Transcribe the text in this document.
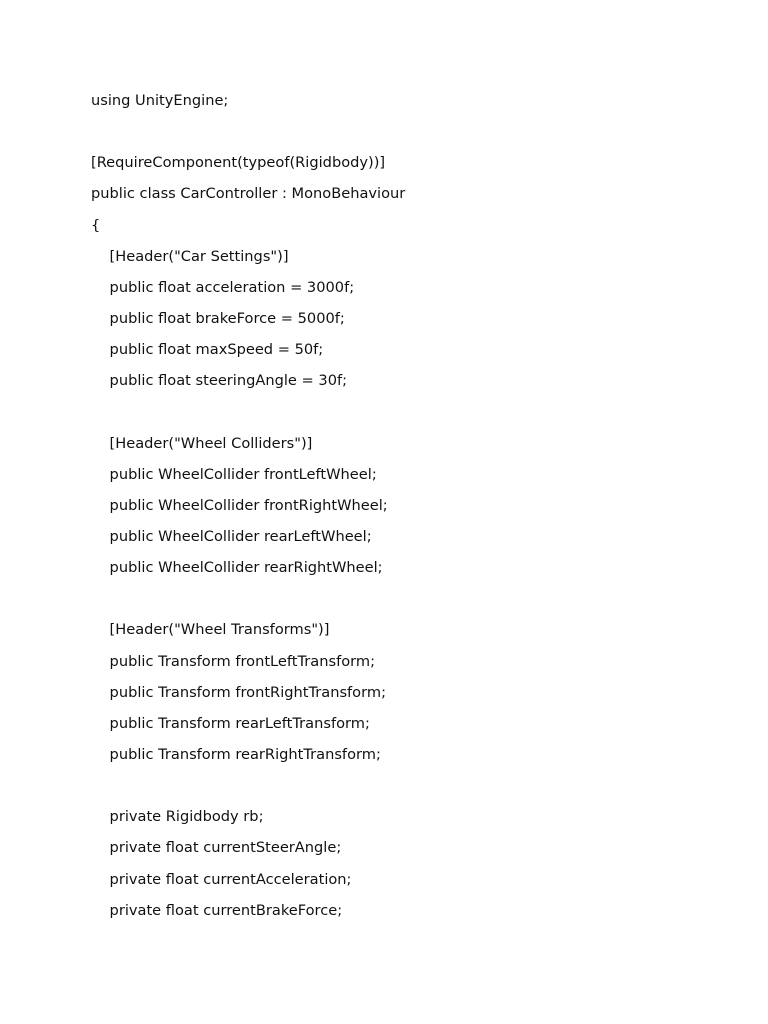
using UnityEngine;
[RequireComponent(typeof(Rigidbody))]
public class CarController : MonoBehaviour
{
[Header("Car Settings")]
public float acceleration = 3000f;
public float brakeForce = 5000f;
public float maxSpeed = 50f;
public float steeringAngle = 30f;
[Header("Wheel Colliders")]
public WheelCollider frontLeftWheel;
public WheelCollider frontRightWheel;
public WheelCollider rearLeftWheel;
public WheelCollider rearRightWheel;
[Header("Wheel Transforms")]
public Transform frontLeftTransform;
public Transform frontRightTransform;
public Transform rearLeftTransform;
public Transform rearRightTransform;
private Rigidbody rb;
private float currentSteerAngle;
private float currentAcceleration;
private float currentBrakeForce;
